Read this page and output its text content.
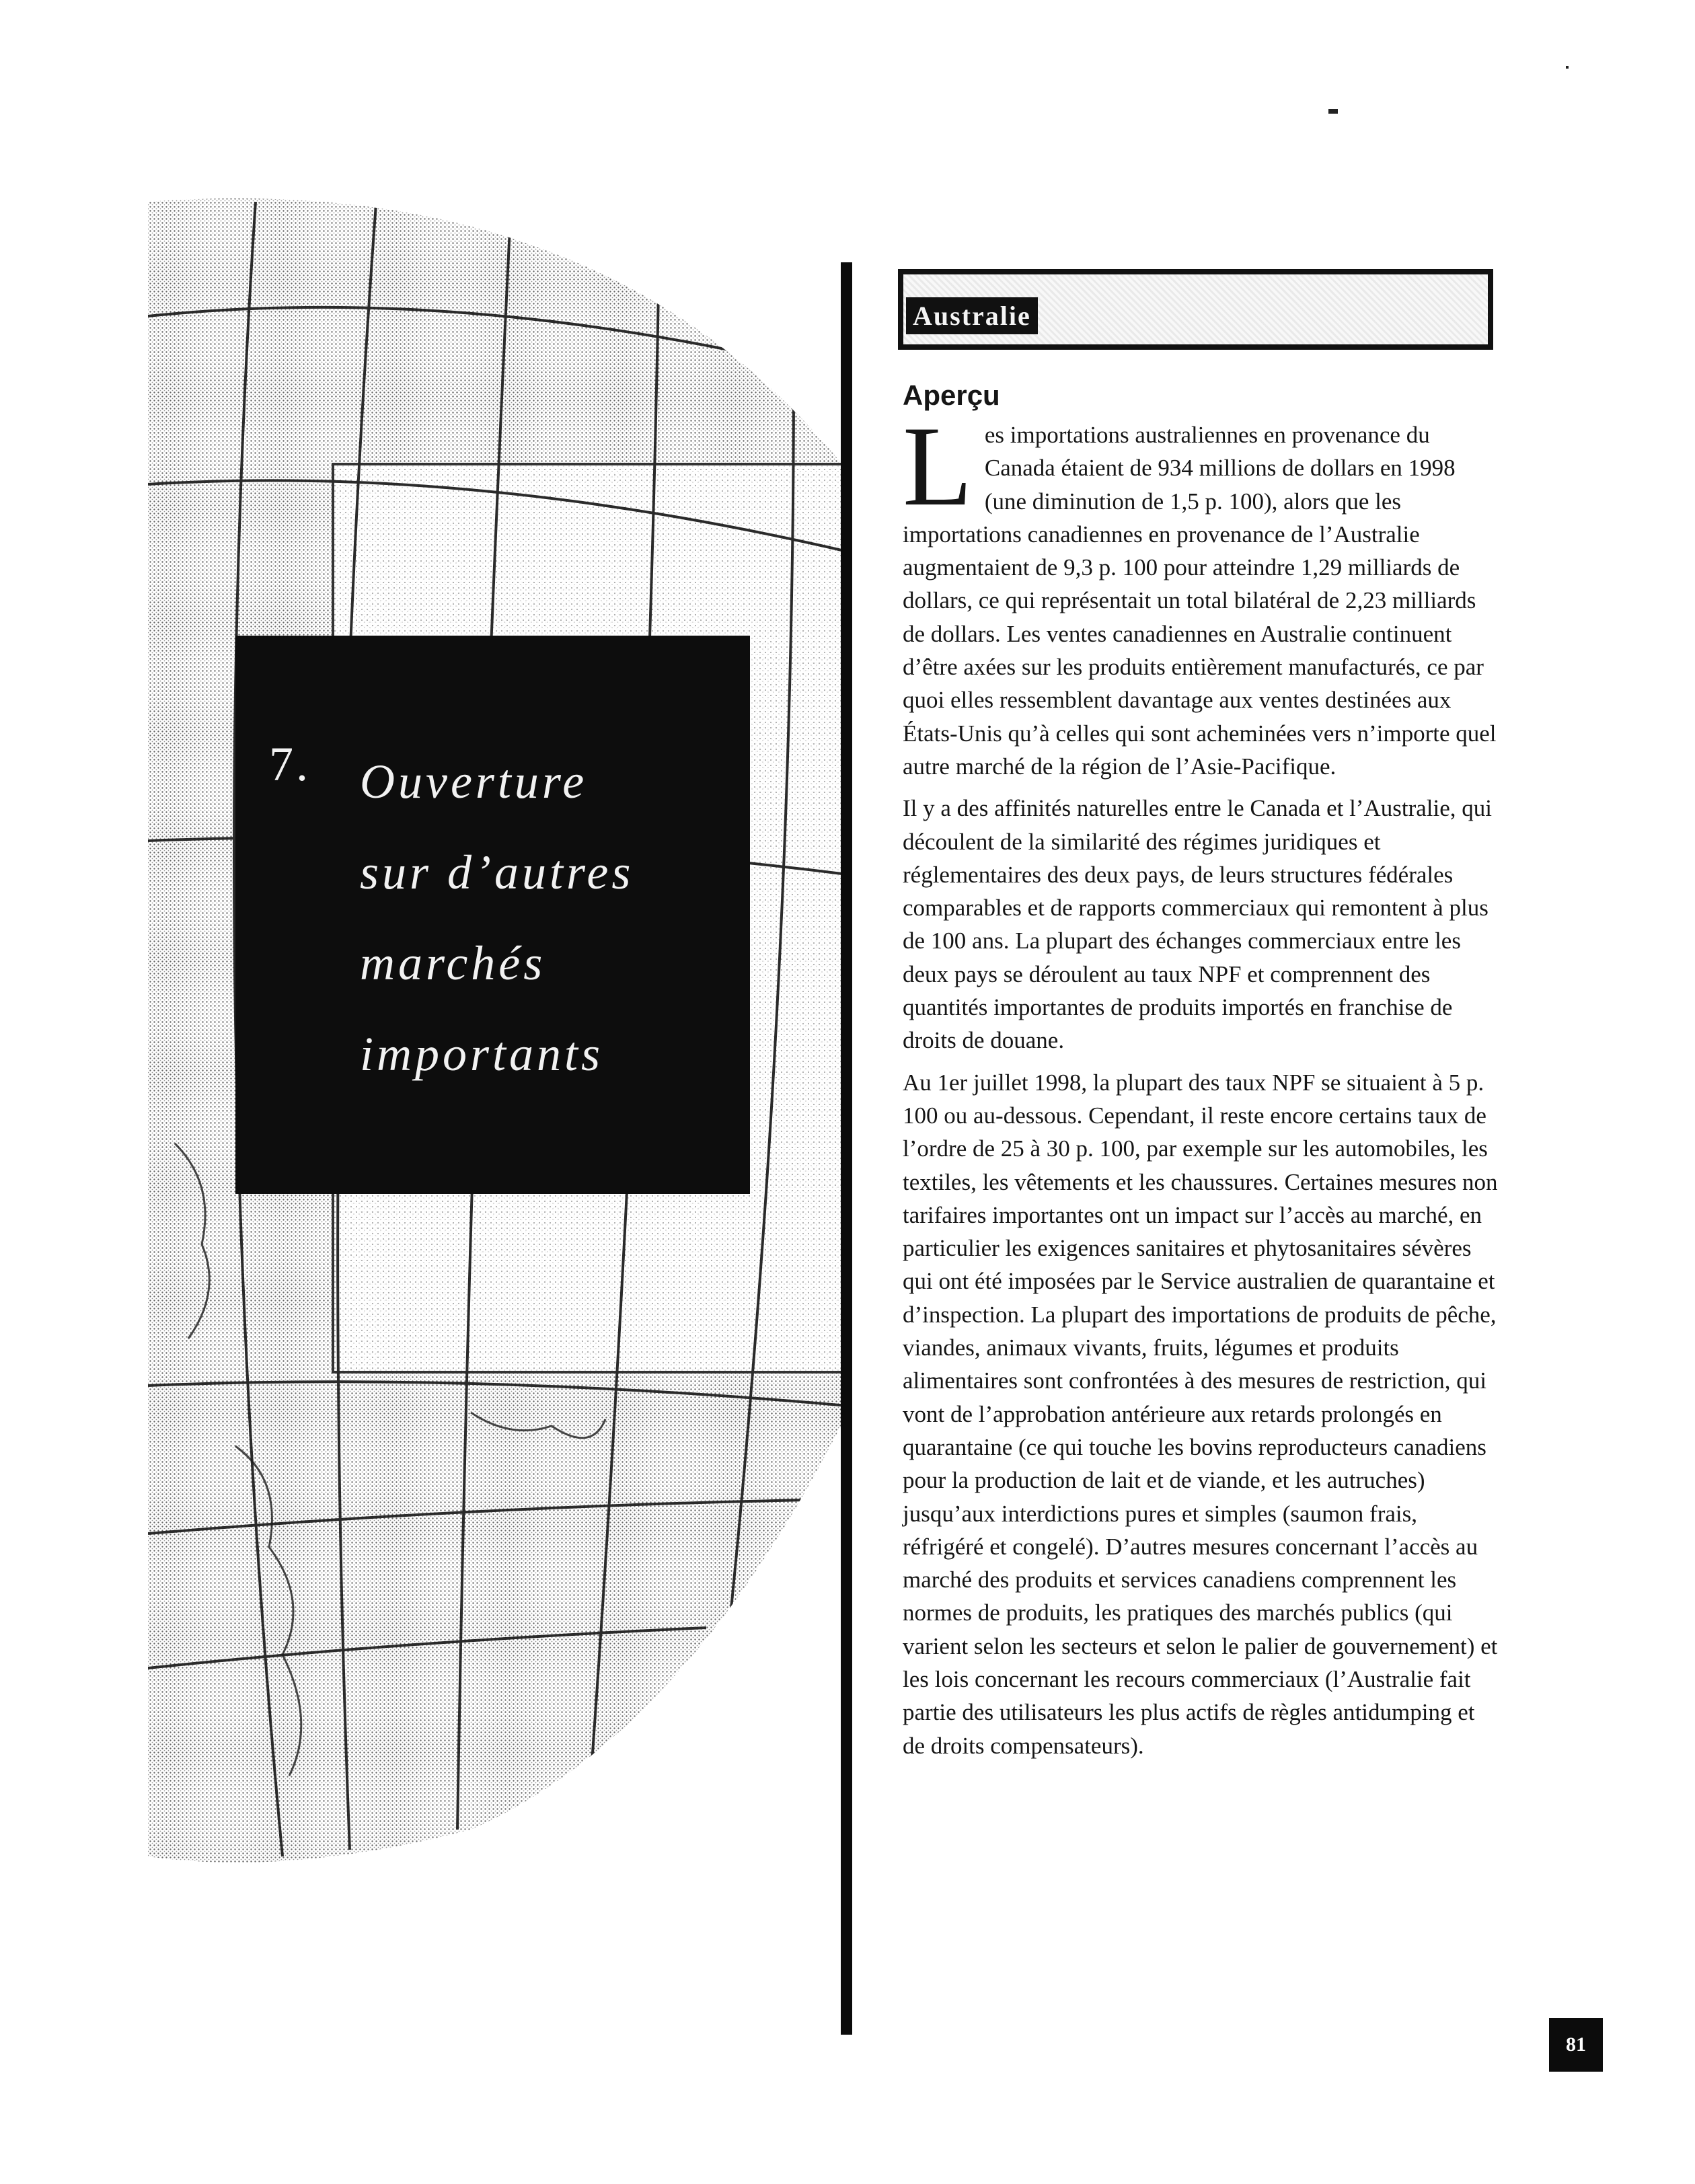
7. Ouverture
sur d’autres
marchés
importants
Australie
Aperçu

Les importations australiennes en provenance du Canada étaient de 934 millions de dollars en 1998 (une diminution de 1,5 p. 100), alors que les importations canadiennes en provenance de l’Australie augmentaient de 9,3 p. 100 pour atteindre 1,29 milliards de dollars, ce qui représentait un total bilatéral de 2,23 milliards de dollars. Les ventes canadiennes en Australie continuent d’être axées sur les produits entièrement manufacturés, ce par quoi elles ressemblent davantage aux ventes destinées aux États-Unis qu’à celles qui sont acheminées vers n’importe quel autre marché de la région de l’Asie-Pacifique.

Il y a des affinités naturelles entre le Canada et l’Australie, qui découlent de la similarité des régimes juridiques et réglementaires des deux pays, de leurs structures fédérales comparables et de rapports commerciaux qui remontent à plus de 100 ans. La plupart des échanges commerciaux entre les deux pays se déroulent au taux NPF et comprennent des quantités importantes de produits importés en franchise de droits de douane.

Au 1er juillet 1998, la plupart des taux NPF se situaient à 5 p. 100 ou au-dessous. Cependant, il reste encore certains taux de l’ordre de 25 à 30 p. 100, par exemple sur les automobiles, les textiles, les vêtements et les chaussures. Certaines mesures non tarifaires importantes ont un impact sur l’accès au marché, en particulier les exigences sanitaires et phytosanitaires sévères qui ont été imposées par le Service australien de quarantaine et d’inspection. La plupart des importations de produits de pêche, viandes, animaux vivants, fruits, légumes et produits alimentaires sont confrontées à des mesures de restriction, qui vont de l’approbation antérieure aux retards prolongés en quarantaine (ce qui touche les bovins reproducteurs canadiens pour la production de lait et de viande, et les autruches) jusqu’aux interdictions pures et simples (saumon frais, réfrigéré et congelé). D’autres mesures concernant l’accès au marché des produits et services canadiens comprennent les normes de produits, les pratiques des marchés publics (qui varient selon les secteurs et selon le palier de gouvernement) et les lois concernant les recours commerciaux (l’Australie fait partie des utilisateurs les plus actifs de règles antidumping et de droits compensateurs).

81
